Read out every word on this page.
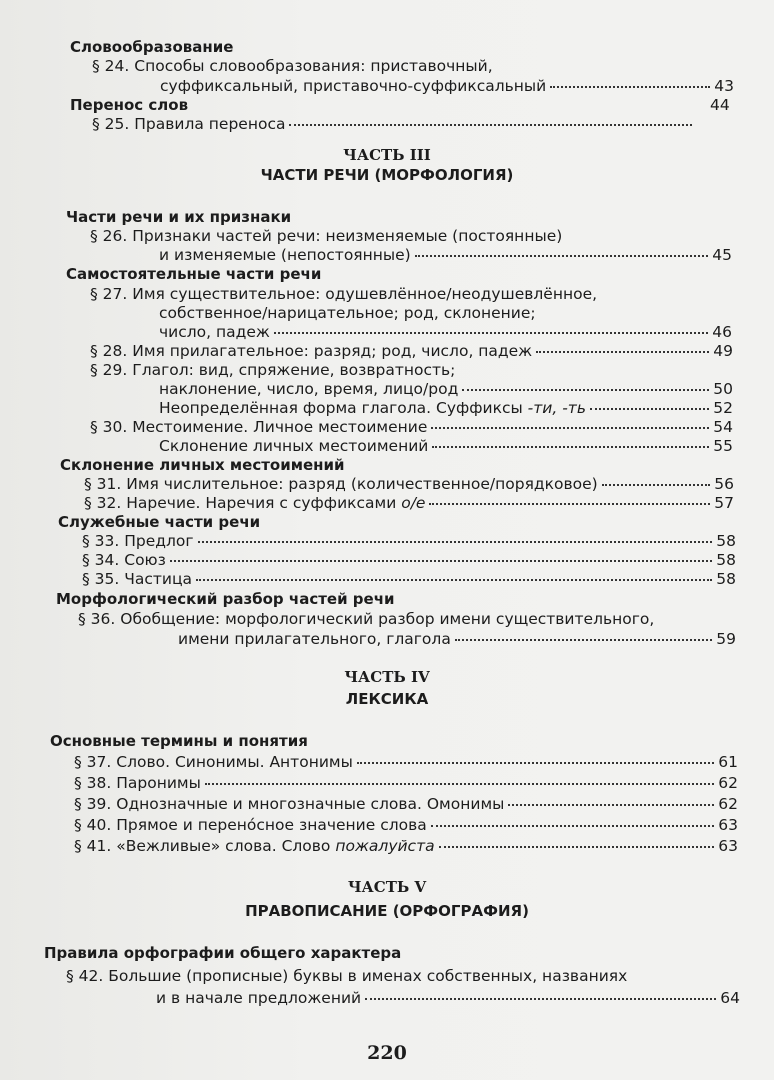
Словообразование
§ 24. Способы словообразования: приставочный,
суффиксальный, приставочно-суффиксальный	43
Перенос слов	44
§ 25. Правила переноса
ЧАСТЬ III
ЧАСТИ РЕЧИ (МОРФОЛОГИЯ)
Части речи и их признаки
§ 26. Признаки частей речи: неизменяемые (постоянные)
и изменяемые (непостоянные)	45
Самостоятельные части речи
§ 27. Имя существительное: одушевлённое/неодушевлённое,
собственное/нарицательное; род, склонение;
число, падеж	46
§ 28. Имя прилагательное: разряд; род, число, падеж	49
§ 29. Глагол: вид, спряжение, возвратность;
наклонение, число, время, лицо/род	50
Неопределённая форма глагола. Суффиксы -ти, -ть	52
§ 30. Местоимение. Личное местоимение	54
Склонение личных местоимений	55
Склонение личных местоимений
§ 31. Имя числительное: разряд (количественное/порядковое)	56
§ 32. Наречие. Наречия с суффиксами о/е	57
Служебные части речи
§ 33. Предлог	58
§ 34. Союз	58
§ 35. Частица	58
Морфологический разбор частей речи
§ 36. Обобщение: морфологический разбор имени существительного,
имени прилагательного, глагола	59
ЧАСТЬ IV
ЛЕКСИКА
Основные термины и понятия
§ 37. Слово. Синонимы. Антонимы	61
§ 38. Паронимы	62
§ 39. Однозначные и многозначные слова. Омонимы	62
§ 40. Прямое и перено́сное значение слова	63
§ 41. «Вежливые» слова. Слово пожалуйста	63
ЧАСТЬ V
ПРАВОПИСАНИЕ (ОРФОГРАФИЯ)
Правила орфографии общего характера
§ 42. Большие (прописные) буквы в именах собственных, названиях
и в начале предложений	64
220
